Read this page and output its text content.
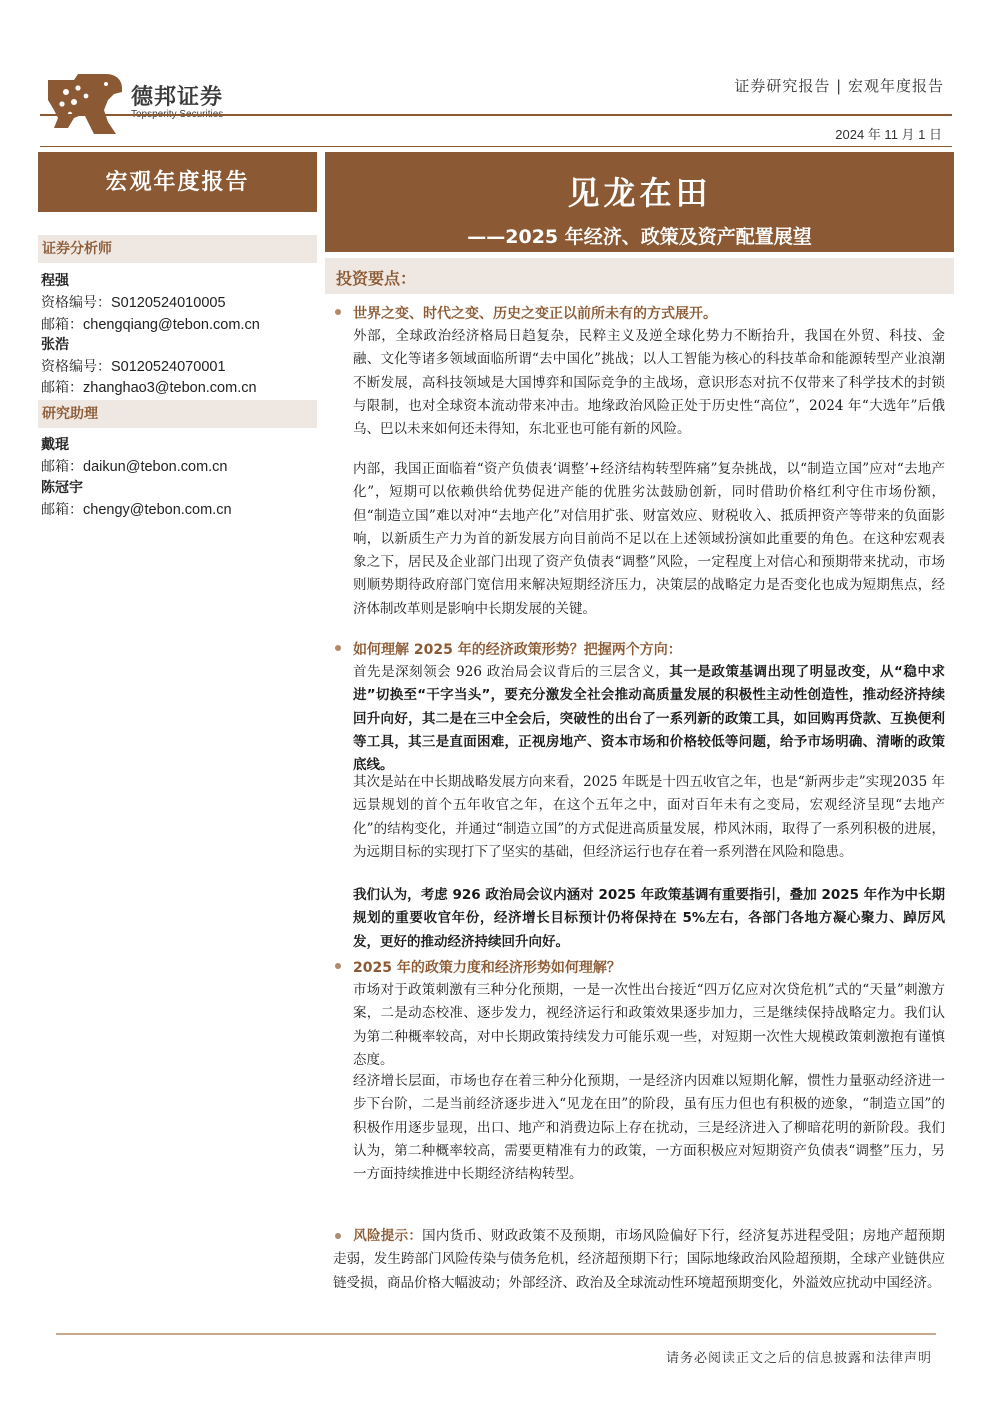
德邦证券	证券研究报告 | 宏观年度报告
2024 年 11 月 1 日
宏观年度报告	见龙在田
——2025 年经济、政策及资产配置展望
证券分析师
程强
资格编号：S0120524010005
邮箱：chengqiang@tebon.com.cn
张浩
资格编号：S0120524070001
邮箱：zhanghao3@tebon.com.cn
研究助理
戴琨
邮箱：daikun@tebon.com.cn
陈冠宇
邮箱：chengy@tebon.com.cn
投资要点：
世界之变、时代之变、历史之变正以前所未有的方式展开。
外部，全球政治经济格局日趋复杂，民粹主义及逆全球化势力不断抬升，我国在外贸、科技、金融、文化等诸多领域面临所谓“去中国化”挑战；以人工智能为核心的科技革命和能源转型产业浪潮不断发展，高科技领域是大国博弈和国际竞争的主战场，意识形态对抗不仅带来了科学技术的封锁与限制，也对全球资本流动带来冲击。地缘政治风险正处于历史性“高位”，2024 年“大选年”后俄乌、巴以未来如何还未得知，东北亚也可能有新的风险。
内部，我国正面临着“资产负债表‘调整’+经济结构转型阵痛”复杂挑战，以“制造立国”应对“去地产化”，短期可以依赖供给优势促进产能的优胜劣汰鼓励创新，同时借助价格红利守住市场份额，但“制造立国”难以对冲“去地产化”对信用扩张、财富效应、财税收入、抵质押资产等带来的负面影响，以新质生产力为首的新发展方向目前尚不足以在上述领域扮演如此重要的角色。在这种宏观表象之下，居民及企业部门出现了资产负债表“调整”风险，一定程度上对信心和预期带来扰动，市场则顺势期待政府部门宽信用来解决短期经济压力，决策层的战略定力是否变化也成为短期焦点，经济体制改革则是影响中长期发展的关键。
如何理解 2025 年的经济政策形势？把握两个方向：
首先是深刻领会 926 政治局会议背后的三层含义，其一是政策基调出现了明显改变，从“稳中求进”切换至“干字当头”，要充分激发全社会推动高质量发展的积极性主动性创造性，推动经济持续回升向好，其二是在三中全会后，突破性的出台了一系列新的政策工具，如回购再贷款、互换便利等工具，其三是直面困难，正视房地产、资本市场和价格较低等问题，给予市场明确、清晰的政策底线。
其次是站在中长期战略发展方向来看，2025 年既是十四五收官之年，也是“新两步走”实现2035 年远景规划的首个五年收官之年，在这个五年之中，面对百年未有之变局，宏观经济呈现“去地产化”的结构变化，并通过“制造立国”的方式促进高质量发展，栉风沐雨，取得了一系列积极的进展，为远期目标的实现打下了坚实的基础，但经济运行也存在着一系列潜在风险和隐患。
我们认为，考虑 926 政治局会议内涵对 2025 年政策基调有重要指引，叠加 2025 年作为中长期规划的重要收官年份，经济增长目标预计仍将保持在 5%左右，各部门各地方凝心聚力、踔厉风发，更好的推动经济持续回升向好。
2025 年的政策力度和经济形势如何理解？
市场对于政策刺激有三种分化预期，一是一次性出台接近“四万亿应对次贷危机”式的“天量”刺激方案，二是动态校准、逐步发力，视经济运行和政策效果逐步加力，三是继续保持战略定力。我们认为第二种概率较高，对中长期政策持续发力可能乐观一些，对短期一次性大规模政策刺激抱有谨慎态度。
经济增长层面，市场也存在着三种分化预期，一是经济内因难以短期化解，惯性力量驱动经济进一步下台阶，二是当前经济逐步进入“见龙在田”的阶段，虽有压力但也有积极的迹象，“制造立国”的积极作用逐步显现，出口、地产和消费边际上存在扰动，三是经济进入了柳暗花明的新阶段。我们认为，第二种概率较高，需要更精准有力的政策，一方面积极应对短期资产负债表“调整”压力，另一方面持续推进中长期经济结构转型。
风险提示：国内货币、财政政策不及预期，市场风险偏好下行，经济复苏进程受阻；房地产超预期走弱，发生跨部门风险传染与债务危机，经济超预期下行；国际地缘政治风险超预期，全球产业链供应链受损，商品价格大幅波动；外部经济、政治及全球流动性环境超预期变化，外溢效应扰动中国经济。
请务必阅读正文之后的信息披露和法律声明
